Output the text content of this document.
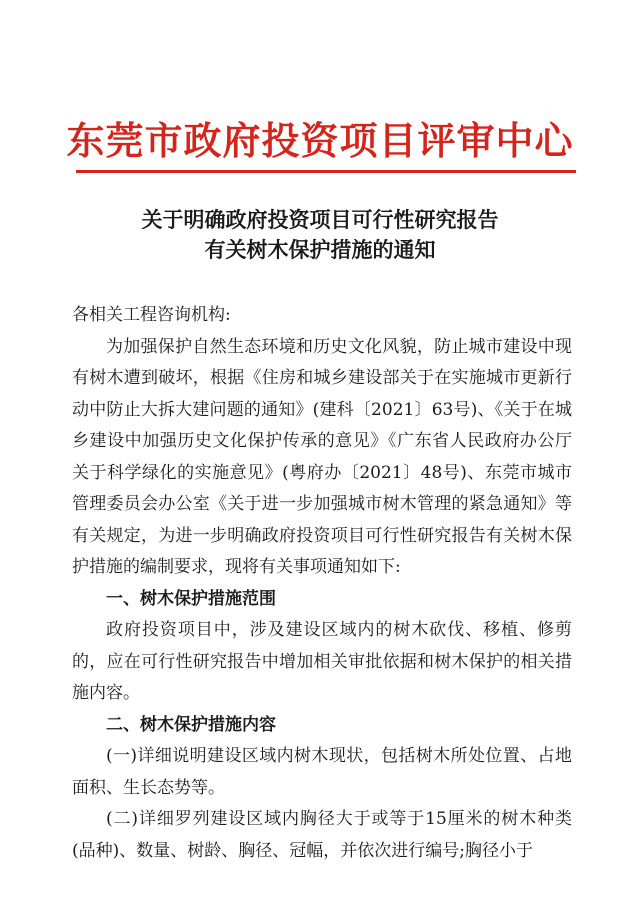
东莞市政府投资项目评审中心
关于明确政府投资项目可行性研究报告
有关树木保护措施的通知

各相关工程咨询机构:

为加强保护自然生态环境和历史文化风貌，防止城市建设中现有树木遭到破坏，根据《住房和城乡建设部关于在实施城市更新行动中防止大拆大建问题的通知》(建科〔2021〕63号)、《关于在城乡建设中加强历史文化保护传承的意见》《广东省人民政府办公厅关于科学绿化的实施意见》(粤府办〔2021〕48号)、东莞市城市管理委员会办公室《关于进一步加强城市树木管理的紧急通知》等有关规定，为进一步明确政府投资项目可行性研究报告有关树木保护措施的编制要求，现将有关事项通知如下:

一、树木保护措施范围

政府投资项目中，涉及建设区域内的树木砍伐、移植、修剪的，应在可行性研究报告中增加相关审批依据和树木保护的相关措施内容。

二、树木保护措施内容

(一)详细说明建设区域内树木现状，包括树木所处位置、占地面积、生长态势等。

(二)详细罗列建设区域内胸径大于或等于15厘米的树木种类(品种)、数量、树龄、胸径、冠幅，并依次进行编号;胸径小于
